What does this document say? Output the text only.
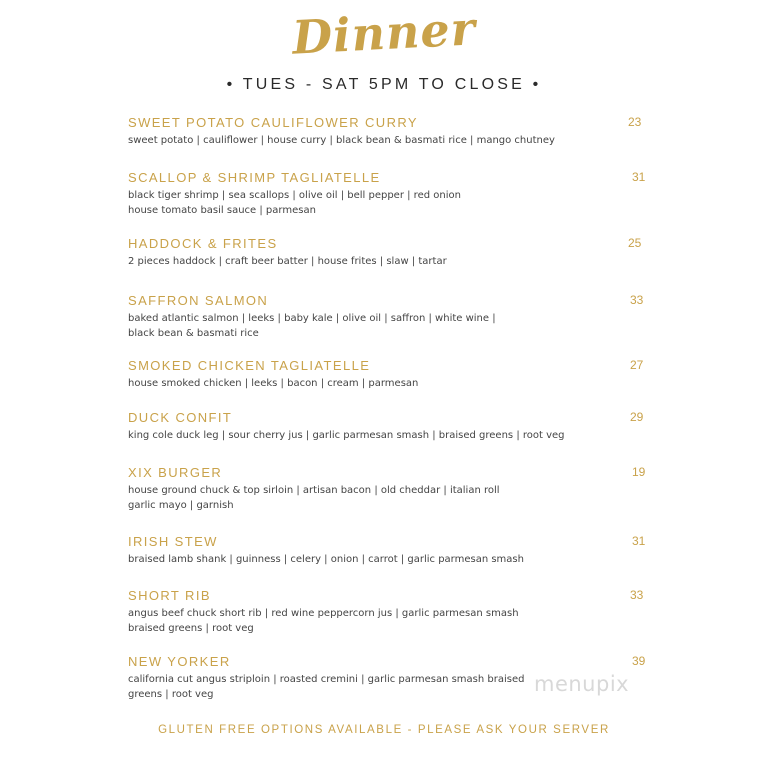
Dinner
• TUES - SAT 5PM TO CLOSE •
SWEET POTATO CAULIFLOWER CURRY
sweet potato | cauliflower | house curry | black bean & basmati rice | mango chutney
23
SCALLOP & SHRIMP TAGLIATELLE
black tiger shrimp | sea scallops | olive oil | bell pepper | red onion
house tomato basil sauce | parmesan
31
HADDOCK & FRITES
2 pieces haddock | craft beer batter | house frites | slaw | tartar
25
SAFFRON SALMON
baked atlantic salmon | leeks | baby kale | olive oil | saffron | white wine |
black bean & basmati rice
33
SMOKED CHICKEN TAGLIATELLE
house smoked chicken | leeks | bacon | cream | parmesan
27
DUCK CONFIT
king cole duck leg | sour cherry jus | garlic parmesan smash | braised greens | root veg
29
XIX BURGER
house ground chuck & top sirloin | artisan bacon | old cheddar | italian roll
garlic mayo | garnish
19
IRISH STEW
braised lamb shank | guinness | celery | onion | carrot | garlic parmesan smash
31
SHORT RIB
angus beef chuck short rib | red wine peppercorn jus | garlic parmesan smash
braised greens | root veg
33
NEW YORKER
california cut angus striploin | roasted cremini | garlic parmesan smash braised
greens | root veg
39
menupix
GLUTEN FREE OPTIONS AVAILABLE - PLEASE ASK YOUR SERVER
